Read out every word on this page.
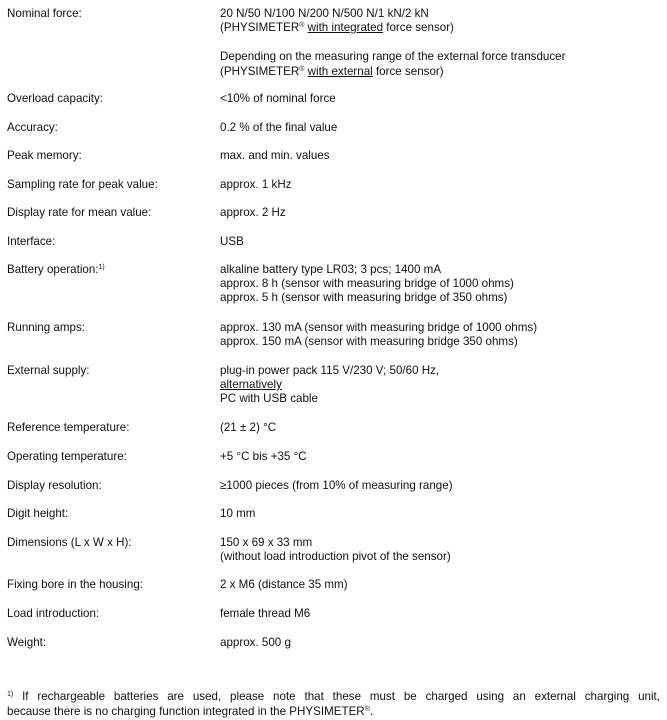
Nominal force:	20 N/50 N/100 N/200 N/500 N/1 kN/2 kN
(PHYSIMETER® with integrated force sensor)
Depending on the measuring range of the external force transducer
(PHYSIMETER® with external force sensor)
Overload capacity:	<10% of nominal force
Accuracy:	0.2 % of the final value
Peak memory:	max. and min. values
Sampling rate for peak value:	approx. 1 kHz
Display rate for mean value:	approx. 2 Hz
Interface:	USB
Battery operation:$^{1)}$	alkaline battery type LR03; 3 pcs; 1400 mA
approx. 8 h (sensor with measuring bridge of 1000 ohms)
approx. 5 h (sensor with measuring bridge of 350 ohms)
Running amps:	approx. 130 mA (sensor with measuring bridge of 1000 ohms)
approx. 150 mA (sensor with measuring bridge 350 ohms)
External supply:	plug-in power pack 115 V/230 V; 50/60 Hz,
alternatively
PC with USB cable
Reference temperature:	(21 ± 2) °C
Operating temperature:	+5 °C bis +35 °C
Display resolution:	≥1000 pieces (from 10% of measuring range)
Digit height:	10 mm
Dimensions (L x W x H):	150 x 69 x 33 mm
(without load introduction pivot of the sensor)
Fixing bore in the housing:	2 x M6 (distance 35 mm)
Load introduction:	female thread M6
Weight:	approx. 500 g
$^{1)}$ If rechargeable batteries are used, please note that these must be charged using an external charging unit,
because there is no charging function integrated in the PHYSIMETER®.
